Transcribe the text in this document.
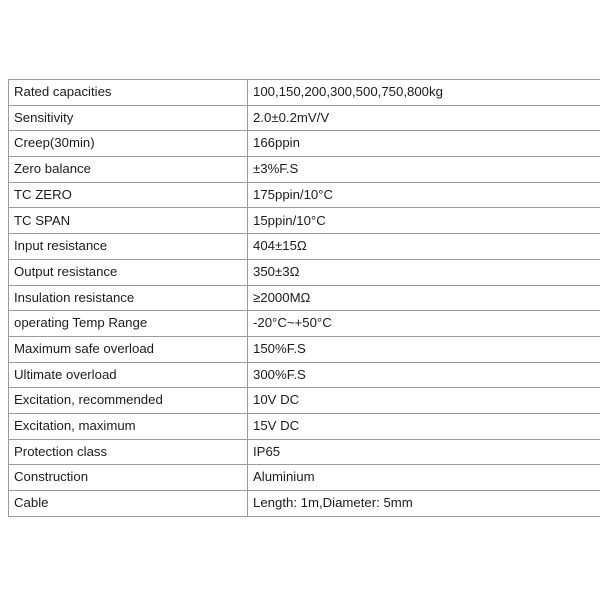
Rated capacities	100,150,200,300,500,750,800kg
Sensitivity	2.0±0.2mV/V
Creep(30min)	166ppin
Zero balance	±3%F.S
TC ZERO	175ppin/10°C
TC SPAN	15ppin/10°C
Input resistance	404±15Ω
Output resistance	350±3Ω
Insulation resistance	≥2000MΩ
operating Temp Range	-20°C~+50°C
Maximum safe overload	150%F.S
Ultimate overload	300%F.S
Excitation, recommended	10V DC
Excitation, maximum	15V DC
Protection class	IP65
Construction	Aluminium
Cable	Length: 1m,Diameter: 5mm
